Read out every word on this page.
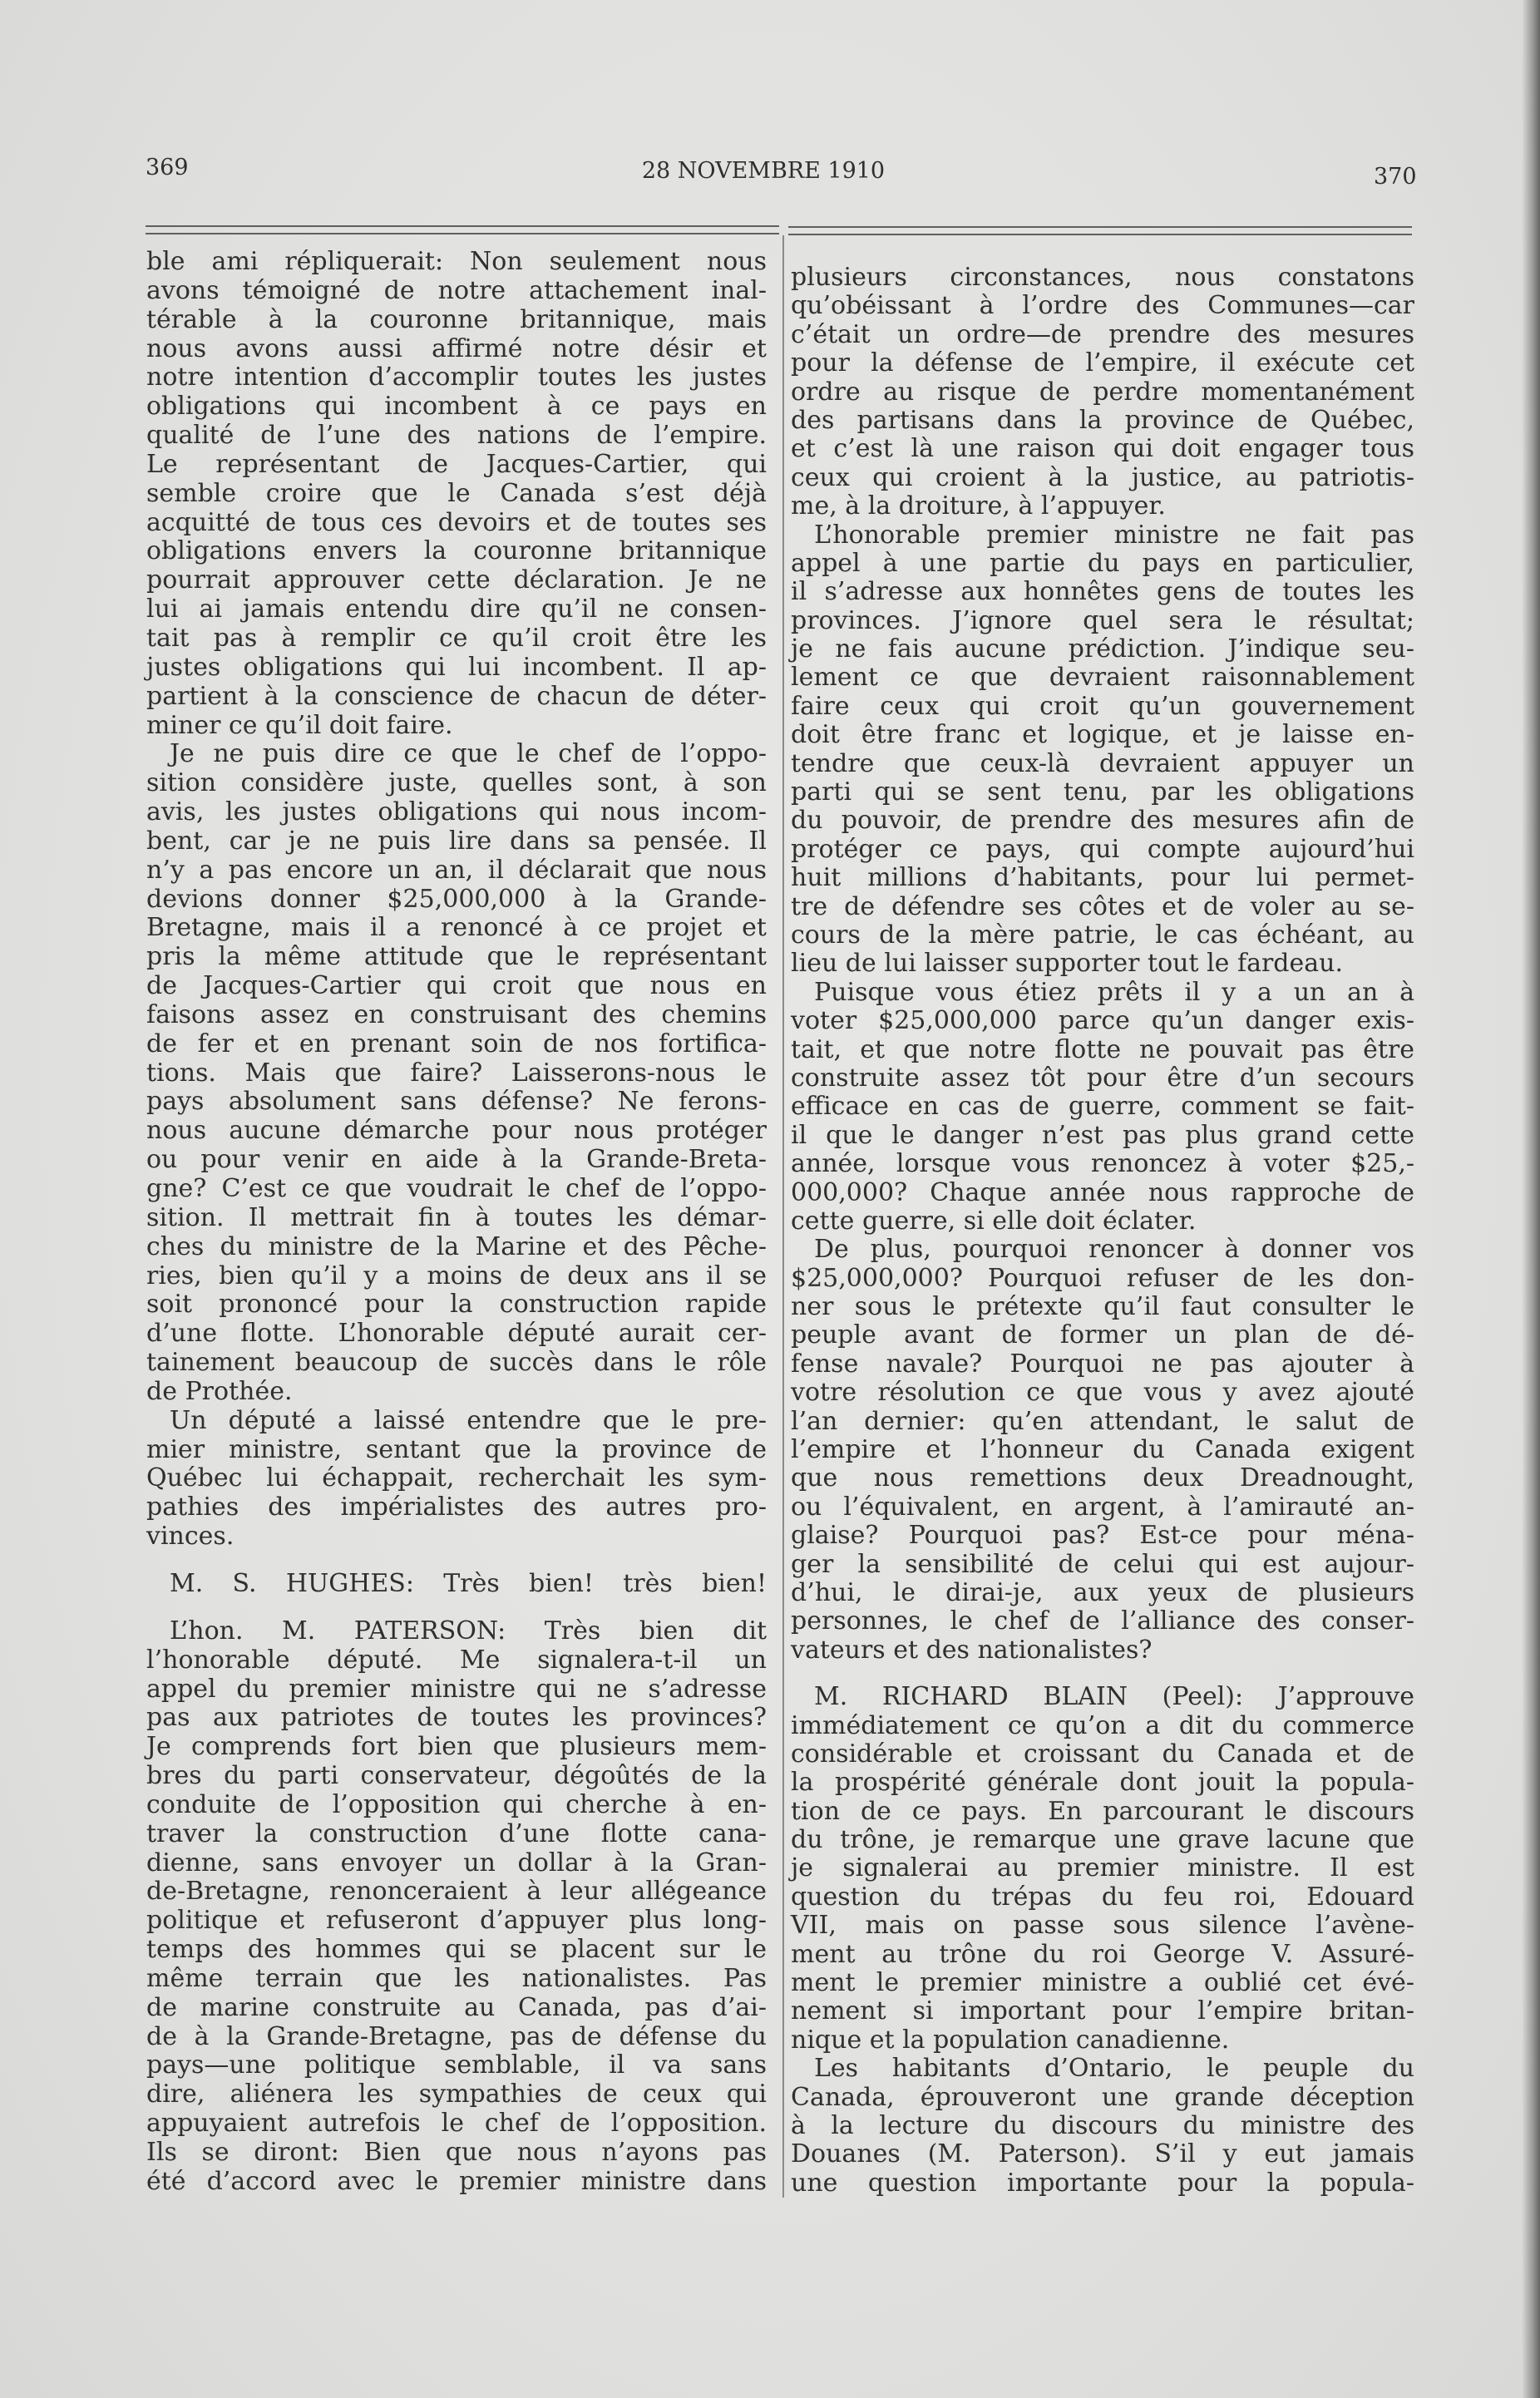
369	28 NOVEMBRE 1910	370
ble ami répliquerait: Non seulement nous
avons témoigné de notre attachement inal-
térable à la couronne britannique, mais
nous avons aussi affirmé notre désir et
notre intention d’accomplir toutes les justes
obligations qui incombent à ce pays en
qualité de l’une des nations de l’empire.
Le représentant de Jacques-Cartier, qui
semble croire que le Canada s’est déjà
acquitté de tous ces devoirs et de toutes ses
obligations envers la couronne britannique
pourrait approuver cette déclaration. Je ne
lui ai jamais entendu dire qu’il ne consen-
tait pas à remplir ce qu’il croit être les
justes obligations qui lui incombent. Il ap-
partient à la conscience de chacun de déter-
miner ce qu’il doit faire.
Je ne puis dire ce que le chef de l’oppo-
sition considère juste, quelles sont, à son
avis, les justes obligations qui nous incom-
bent, car je ne puis lire dans sa pensée. Il
n’y a pas encore un an, il déclarait que nous
devions donner $25,000,000 à la Grande-
Bretagne, mais il a renoncé à ce projet et
pris la même attitude que le représentant
de Jacques-Cartier qui croit que nous en
faisons assez en construisant des chemins
de fer et en prenant soin de nos fortifica-
tions. Mais que faire? Laisserons-nous le
pays absolument sans défense? Ne ferons-
nous aucune démarche pour nous protéger
ou pour venir en aide à la Grande-Breta-
gne? C’est ce que voudrait le chef de l’oppo-
sition. Il mettrait fin à toutes les démar-
ches du ministre de la Marine et des Pêche-
ries, bien qu’il y a moins de deux ans il se
soit prononcé pour la construction rapide
d’une flotte. L’honorable député aurait cer-
tainement beaucoup de succès dans le rôle
de Prothée.
Un député a laissé entendre que le pre-
mier ministre, sentant que la province de
Québec lui échappait, recherchait les sym-
pathies des impérialistes des autres pro-
vinces.
M. S. HUGHES: Très bien! très bien!
L’hon. M. PATERSON: Très bien dit
l’honorable député. Me signalera-t-il un
appel du premier ministre qui ne s’adresse
pas aux patriotes de toutes les provinces?
Je comprends fort bien que plusieurs mem-
bres du parti conservateur, dégoûtés de la
conduite de l’opposition qui cherche à en-
traver la construction d’une flotte cana-
dienne, sans envoyer un dollar à la Gran-
de-Bretagne, renonceraient à leur allégeance
politique et refuseront d’appuyer plus long-
temps des hommes qui se placent sur le
même terrain que les nationalistes. Pas
de marine construite au Canada, pas d’ai-
de à la Grande-Bretagne, pas de défense du
pays—une politique semblable, il va sans
dire, aliénera les sympathies de ceux qui
appuyaient autrefois le chef de l’opposition.
Ils se diront: Bien que nous n’ayons pas
été d’accord avec le premier ministre dans
plusieurs circonstances, nous constatons
qu’obéissant à l’ordre des Communes—car
c’était un ordre—de prendre des mesures
pour la défense de l’empire, il exécute cet
ordre au risque de perdre momentanément
des partisans dans la province de Québec,
et c’est là une raison qui doit engager tous
ceux qui croient à la justice, au patriotis-
me, à la droiture, à l’appuyer.
L’honorable premier ministre ne fait pas
appel à une partie du pays en particulier,
il s’adresse aux honnêtes gens de toutes les
provinces. J’ignore quel sera le résultat;
je ne fais aucune prédiction. J’indique seu-
lement ce que devraient raisonnablement
faire ceux qui croit qu’un gouvernement
doit être franc et logique, et je laisse en-
tendre que ceux-là devraient appuyer un
parti qui se sent tenu, par les obligations
du pouvoir, de prendre des mesures afin de
protéger ce pays, qui compte aujourd’hui
huit millions d’habitants, pour lui permet-
tre de défendre ses côtes et de voler au se-
cours de la mère patrie, le cas échéant, au
lieu de lui laisser supporter tout le fardeau.
Puisque vous étiez prêts il y a un an à
voter $25,000,000 parce qu’un danger exis-
tait, et que notre flotte ne pouvait pas être
construite assez tôt pour être d’un secours
efficace en cas de guerre, comment se fait-
il que le danger n’est pas plus grand cette
année, lorsque vous renoncez à voter $25,-
000,000? Chaque année nous rapproche de
cette guerre, si elle doit éclater.
De plus, pourquoi renoncer à donner vos
$25,000,000? Pourquoi refuser de les don-
ner sous le prétexte qu’il faut consulter le
peuple avant de former un plan de dé-
fense navale? Pourquoi ne pas ajouter à
votre résolution ce que vous y avez ajouté
l’an dernier: qu’en attendant, le salut de
l’empire et l’honneur du Canada exigent
que nous remettions deux Dreadnought,
ou l’équivalent, en argent, à l’amirauté an-
glaise? Pourquoi pas? Est-ce pour ména-
ger la sensibilité de celui qui est aujour-
d’hui, le dirai-je, aux yeux de plusieurs
personnes, le chef de l’alliance des conser-
vateurs et des nationalistes?
M. RICHARD BLAIN (Peel): J’approuve
immédiatement ce qu’on a dit du commerce
considérable et croissant du Canada et de
la prospérité générale dont jouit la popula-
tion de ce pays. En parcourant le discours
du trône, je remarque une grave lacune que
je signalerai au premier ministre. Il est
question du trépas du feu roi, Edouard
VII, mais on passe sous silence l’avène-
ment au trône du roi George V. Assuré-
ment le premier ministre a oublié cet évé-
nement si important pour l’empire britan-
nique et la population canadienne.
Les habitants d’Ontario, le peuple du
Canada, éprouveront une grande déception
à la lecture du discours du ministre des
Douanes (M. Paterson). S’il y eut jamais
une question importante pour la popula-
